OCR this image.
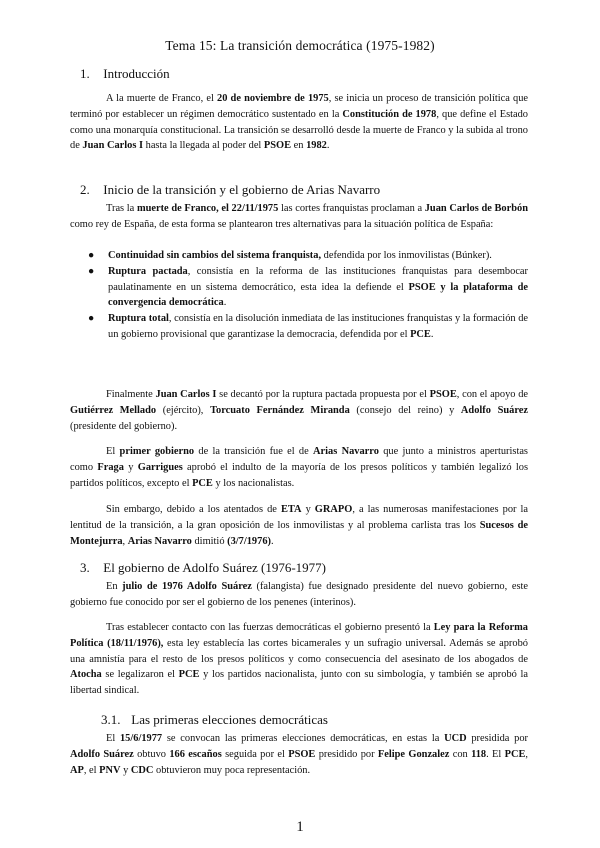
Tema 15: La transición democrática (1975-1982)
1. Introducción

A la muerte de Franco, el 20 de noviembre de 1975, se inicia un proceso de transición política que terminó por establecer un régimen democrático sustentado en la Constitución de 1978, que define el Estado como una monarquía constitucional. La transición se desarrolló desde la muerte de Franco y la subida al trono de Juan Carlos I hasta la llegada al poder del PSOE en 1982.

2. Inicio de la transición y el gobierno de Arias Navarro

Tras la muerte de Franco, el 22/11/1975 las cortes franquistas proclaman a Juan Carlos de Borbón como rey de España, de esta forma se plantearon tres alternativas para la situación política de España:

● Continuidad sin cambios del sistema franquista, defendida por los inmovilistas (Búnker).
● Ruptura pactada, consistía en la reforma de las instituciones franquistas para desembocar paulatinamente en un sistema democrático, esta idea la defiende el PSOE y la plataforma de convergencia democrática.
● Ruptura total, consistía en la disolución inmediata de las instituciones franquistas y la formación de un gobierno provisional que garantizase la democracia, defendida por el PCE.

Finalmente Juan Carlos I se decantó por la ruptura pactada propuesta por el PSOE, con el apoyo de Gutiérrez Mellado (ejército), Torcuato Fernández Miranda (consejo del reino) y Adolfo Suárez (presidente del gobierno).

El primer gobierno de la transición fue el de Arias Navarro que junto a ministros aperturistas como Fraga y Garrigues aprobó el indulto de la mayoría de los presos políticos y también legalizó los partidos políticos, excepto el PCE y los nacionalistas.

Sin embargo, debido a los atentados de ETA y GRAPO, a las numerosas manifestaciones por la lentitud de la transición, a la gran oposición de los inmovilistas y al problema carlista tras los Sucesos de Montejurra, Arias Navarro dimitió (3/7/1976).

3. El gobierno de Adolfo Suárez (1976-1977)

En julio de 1976 Adolfo Suárez (falangista) fue designado presidente del nuevo gobierno, este gobierno fue conocido por ser el gobierno de los penenes (interinos).

Tras establecer contacto con las fuerzas democráticas el gobierno presentó la Ley para la Reforma Política (18/11/1976), esta ley establecía las cortes bicamerales y un sufragio universal. Además se aprobó una amnistía para el resto de los presos políticos y como consecuencia del asesinato de los abogados de Atocha se legalizaron el PCE y los partidos nacionalista, junto con su simbología, y también se aprobó la libertad sindical.

3.1. Las primeras elecciones democráticas

El 15/6/1977 se convocan las primeras elecciones democráticas, en estas la UCD presidida por Adolfo Suárez obtuvo 166 escaños seguida por el PSOE presidido por Felipe Gonzalez con 118. El PCE, AP, el PNV y CDC obtuvieron muy poca representación.

1
